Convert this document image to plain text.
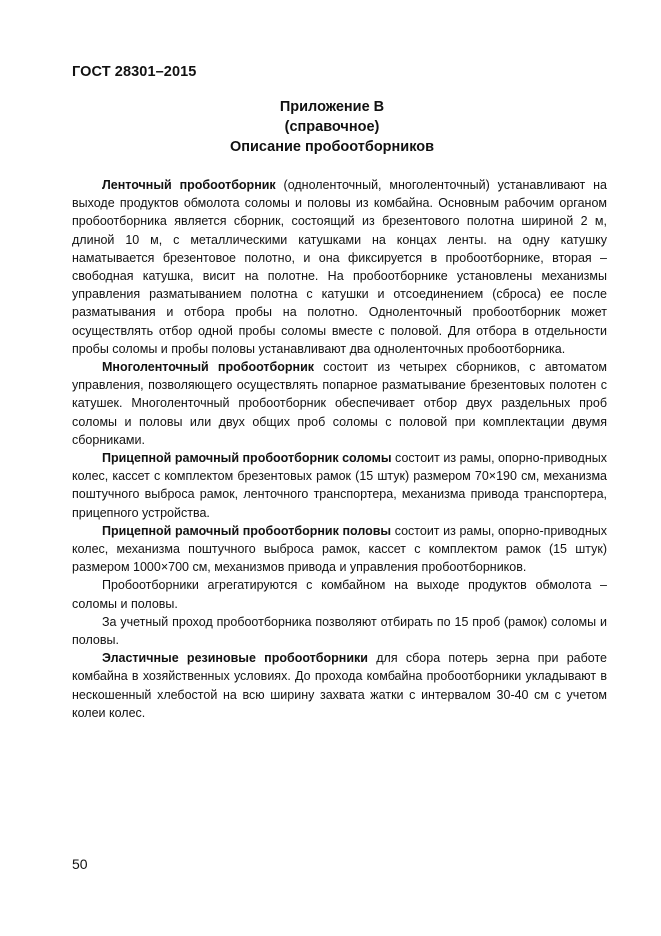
ГОСТ 28301–2015
Приложение В
(справочное)
Описание пробоотборников

Ленточный пробоотборник (одноленточный, многоленточный) устанавливают на выходе продуктов обмолота соломы и половы из комбайна. Основным рабочим органом пробоотборника является сборник, состоящий из брезентового полотна шириной 2 м, длиной 10 м, с металлическими катушками на концах ленты. на одну катушку наматывается брезентовое полотно, и она фиксируется в пробоотборнике, вторая – свободная катушка, висит на полотне. На пробоотборнике установлены механизмы управления разматыванием полотна с катушки и отсоединением (сброса) ее после разматывания и отбора пробы на полотно. Одноленточный пробоотборник может осуществлять отбор одной пробы соломы вместе с половой. Для отбора в отдельности пробы соломы и пробы половы устанавливают два одноленточных пробоотборника.

Многоленточный пробоотборник состоит из четырех сборников, с автоматом управления, позволяющего осуществлять попарное разматывание брезентовых полотен с катушек. Многоленточный пробоотборник обеспечивает отбор двух раздельных проб соломы и половы или двух общих проб соломы с половой при комплектации двумя сборниками.

Прицепной рамочный пробоотборник соломы состоит из рамы, опорно-приводных колес, кассет с комплектом брезентовых рамок (15 штук) размером 70×190 см, механизма поштучного выброса рамок, ленточного транспортера, механизма привода транспортера, прицепного устройства.

Прицепной рамочный пробоотборник половы состоит из рамы, опорно-приводных колес, механизма поштучного выброса рамок, кассет с комплектом рамок (15 штук) размером 1000×700 см, механизмов привода и управления пробоотборников.

Пробоотборники агрегатируются с комбайном на выходе продуктов обмолота – соломы и половы.

За учетный проход пробоотборника позволяют отбирать по 15 проб (рамок) соломы и половы.

Эластичные резиновые пробоотборники для сбора потерь зерна при работе комбайна в хозяйственных условиях. До прохода комбайна пробоотборники укладывают в нескошенный хлебостой на всю ширину захвата жатки с интервалом 30-40 см с учетом колеи колес.

50
